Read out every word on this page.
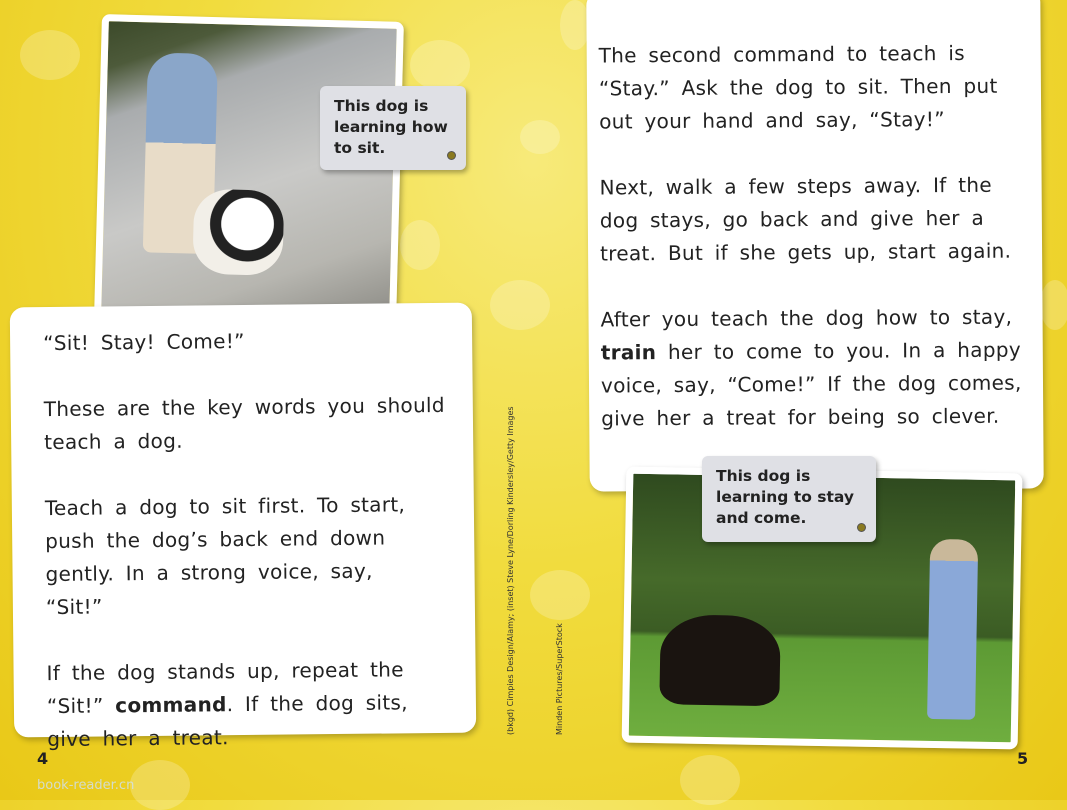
This dog is
learning how
to sit.

“Sit! Stay! Come!”

These are the key words you should teach a dog.

Teach a dog to sit first. To start, push the dog’s back end down gently. In a strong voice, say, “Sit!”

If the dog stands up, repeat the “Sit!” command. If the dog sits, give her a treat.

The second command to teach is “Stay.” Ask the dog to sit. Then put out your hand and say, “Stay!”

Next, walk a few steps away. If the dog stays, go back and give her a treat. But if she gets up, start again.

After you teach the dog how to stay, train her to come to you. In a happy voice, say, “Come!” If the dog comes, give her a treat for being so clever.

This dog is
learning to stay
and come.
(bkgd) Cimpies Design/Alamy; (inset) Steve Lyne/Dorling Kindersley/Getty Images	Minden Pictures/SuperStock
4	5
book-reader.cn
